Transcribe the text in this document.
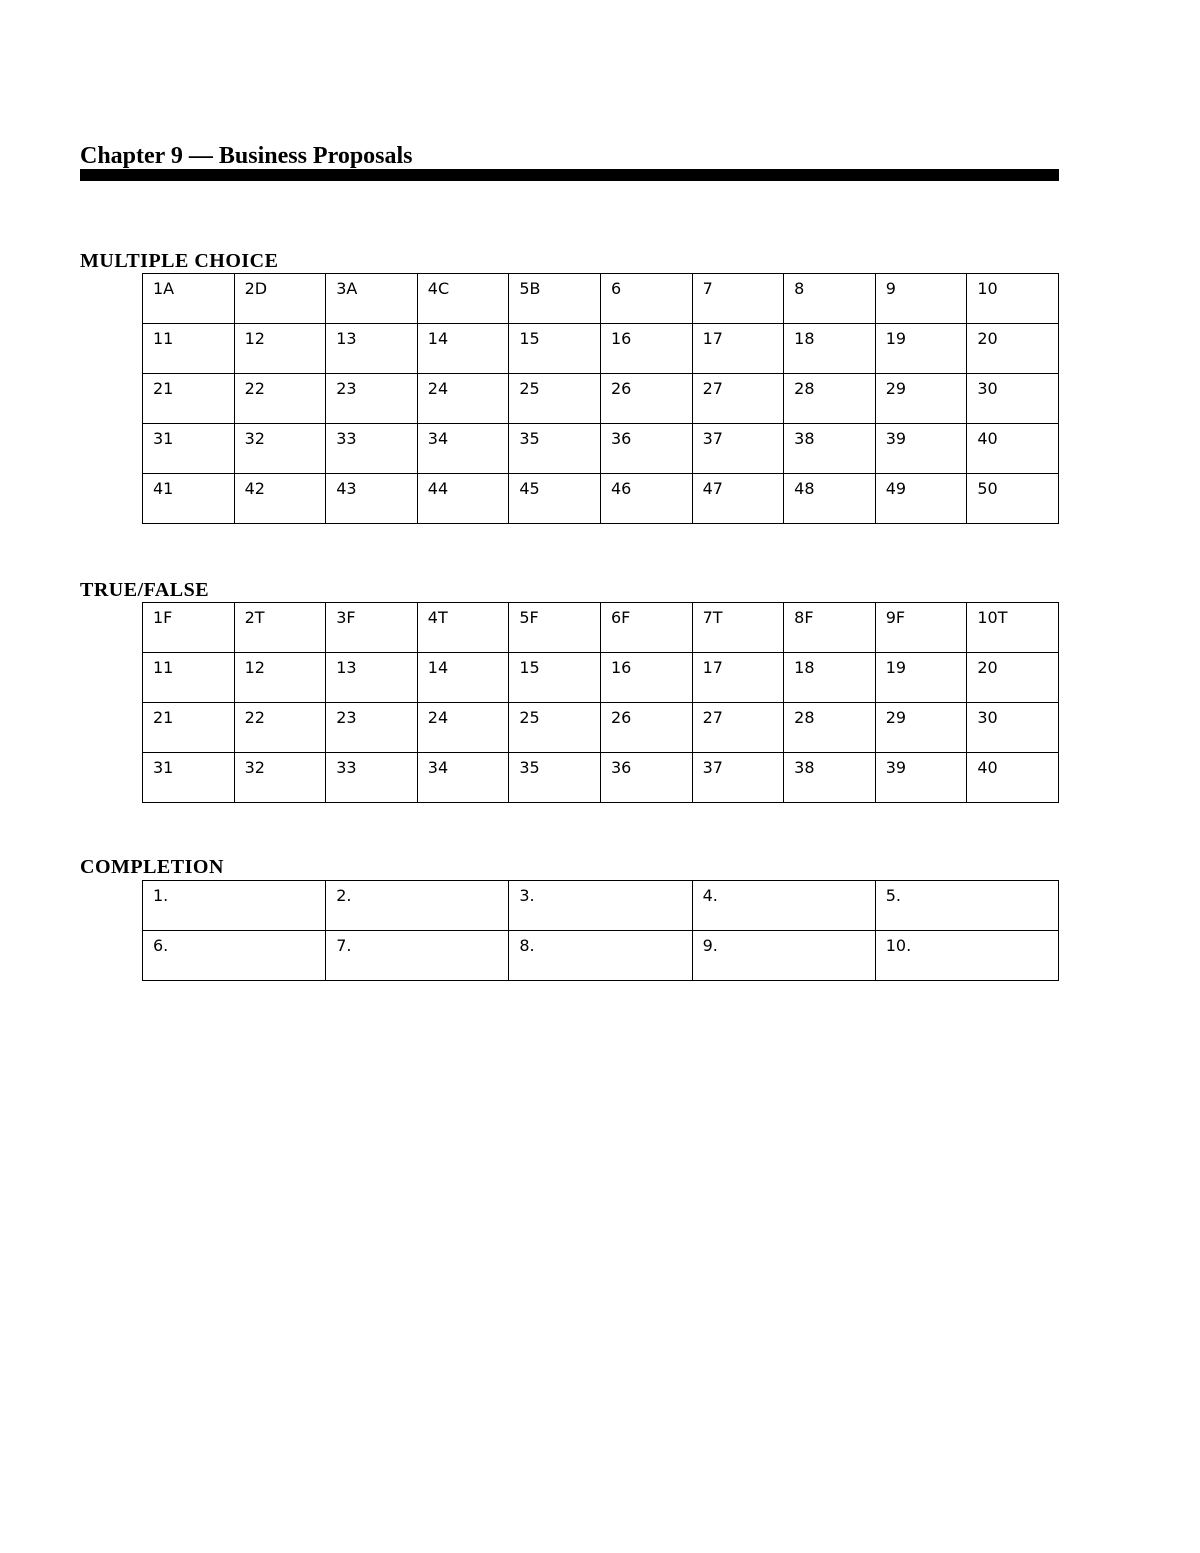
Chapter 9 — Business Proposals
MULTIPLE CHOICE
1A	2D	3A	4C	5B	6	7	8	9	10
11	12	13	14	15	16	17	18	19	20
21	22	23	24	25	26	27	28	29	30
31	32	33	34	35	36	37	38	39	40
41	42	43	44	45	46	47	48	49	50
TRUE/FALSE
1F	2T	3F	4T	5F	6F	7T	8F	9F	10T
11	12	13	14	15	16	17	18	19	20
21	22	23	24	25	26	27	28	29	30
31	32	33	34	35	36	37	38	39	40
COMPLETION
1.	2.	3.	4.	5.
6.	7.	8.	9.	10.
